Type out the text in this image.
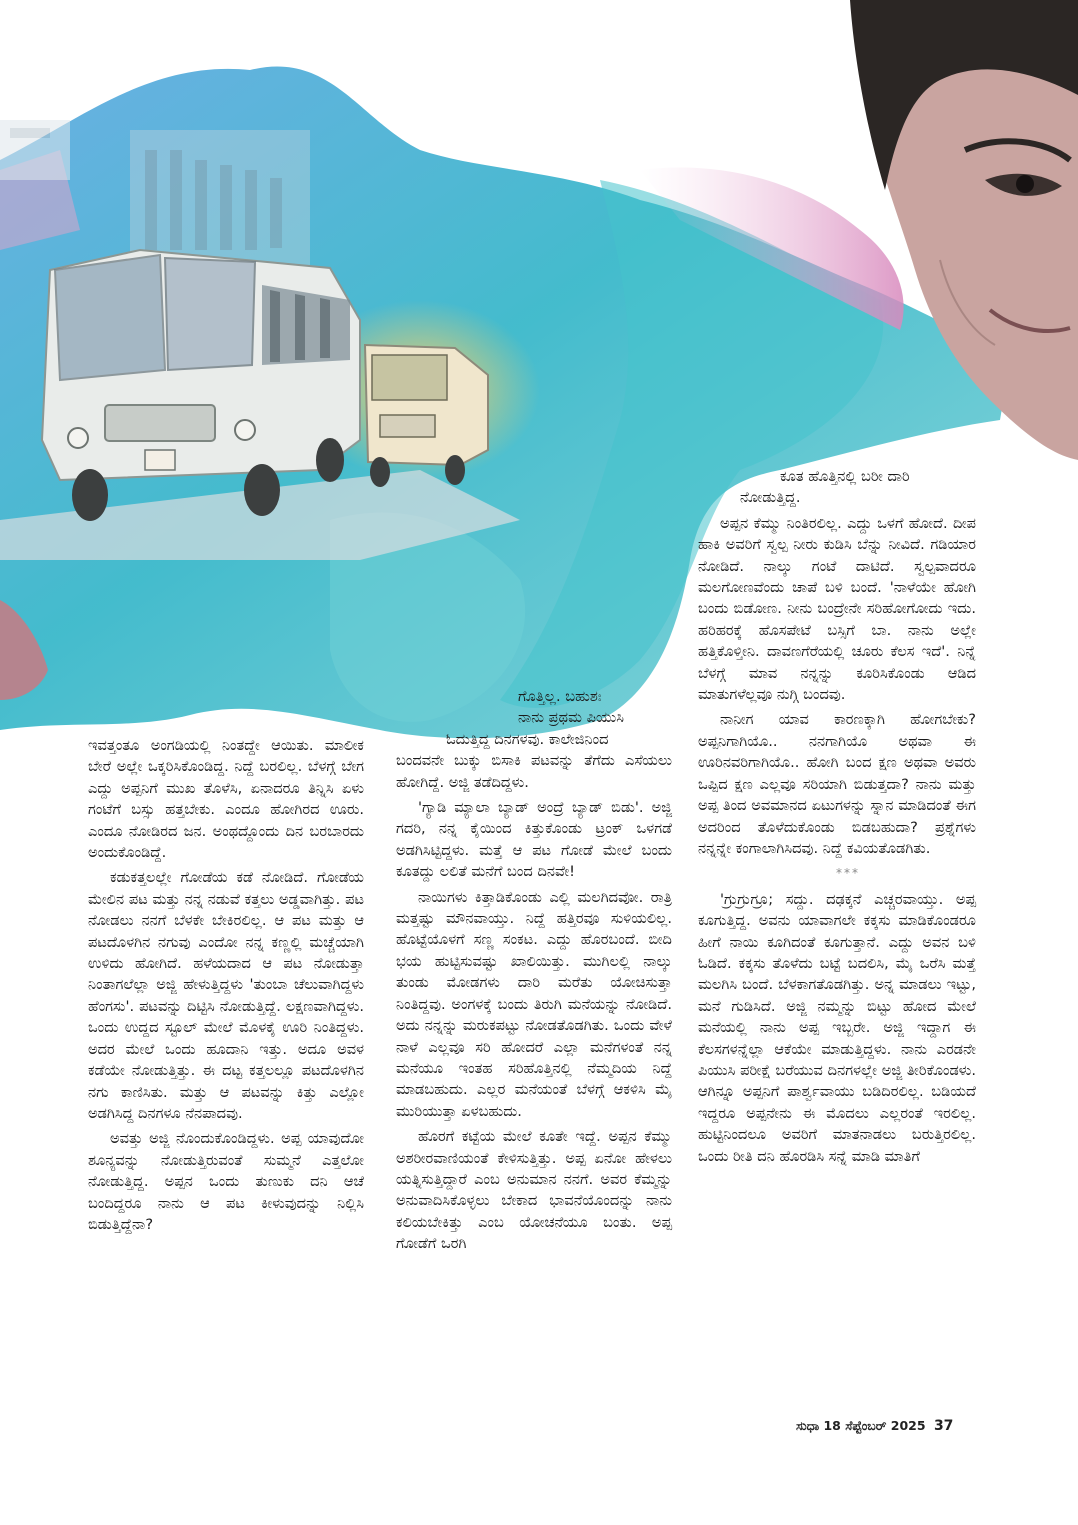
ಇವತ್ತಂತೂ ಅಂಗಡಿಯಲ್ಲಿ ನಿಂತದ್ದೇ ಆಯಿತು. ಮಾಲೀಕ ಬೇರೆ ಅಲ್ಲೇ ಒಕ್ಕರಿಸಿಕೊಂಡಿದ್ದ. ನಿದ್ದೆ ಬರಲಿಲ್ಲ. ಬೆಳಗ್ಗೆ ಬೇಗ ಎದ್ದು ಅಪ್ಪನಿಗೆ ಮುಖ ತೊಳೆಸಿ, ಏನಾದರೂ ತಿನ್ನಿಸಿ ಏಳು ಗಂಟೆಗೆ ಬಸ್ಸು ಹತ್ತಬೇಕು. ಎಂದೂ ಹೋಗಿರದ ಊರು. ಎಂದೂ ನೋಡಿರದ ಜನ. ಅಂಥದ್ದೊಂದು ದಿನ ಬರಬಾರದು ಅಂದುಕೊಂಡಿದ್ದೆ.

ಕಡುಕತ್ತಲಲ್ಲೇ ಗೋಡೆಯ ಕಡೆ ನೋಡಿದೆ. ಗೋಡೆಯ ಮೇಲಿನ ಪಟ ಮತ್ತು ನನ್ನ ನಡುವೆ ಕತ್ತಲು ಅಡ್ಡವಾಗಿತ್ತು. ಪಟ ನೋಡಲು ನನಗೆ ಬೆಳಕೇ ಬೇಕಿರಲಿಲ್ಲ. ಆ ಪಟ ಮತ್ತು ಆ ಪಟದೊಳಗಿನ ನಗುವು ಎಂದೋ ನನ್ನ ಕಣ್ಣಲ್ಲಿ ಮಚ್ಚೆಯಾಗಿ ಉಳಿದು ಹೋಗಿದೆ. ಹಳೆಯದಾದ ಆ ಪಟ ನೋಡುತ್ತಾ ನಿಂತಾಗಲೆಲ್ಲಾ ಅಜ್ಜಿ ಹೇಳುತ್ತಿದ್ದಳು 'ತುಂಬಾ ಚೆಲುವಾಗಿದ್ದಳು ಹೆಂಗಸು'. ಪಟವನ್ನು ದಿಟ್ಟಿಸಿ ನೋಡುತ್ತಿದ್ದೆ. ಲಕ್ಷಣವಾಗಿದ್ದಳು. ಒಂದು ಉದ್ದದ ಸ್ಟೂಲ್ ಮೇಲೆ ಮೊಳಕೈ ಊರಿ ನಿಂತಿದ್ದಳು. ಅದರ ಮೇಲೆ ಒಂದು ಹೂದಾನಿ ಇತ್ತು. ಅದೂ ಅವಳ ಕಡೆಯೇ ನೋಡುತ್ತಿತ್ತು. ಈ ದಟ್ಟ ಕತ್ತಲಲ್ಲೂ ಪಟದೊಳಗಿನ ನಗು ಕಾಣಿಸಿತು. ಮತ್ತು ಆ ಪಟವನ್ನು ಕಿತ್ತು ಎಲ್ಲೋ ಅಡಗಿಸಿದ್ದ ದಿನಗಳೂ ನೆನಪಾದವು.

ಅವತ್ತು ಅಜ್ಜಿ ನೊಂದುಕೊಂಡಿದ್ದಳು. ಅಪ್ಪ ಯಾವುದೋ ಶೂನ್ಯವನ್ನು ನೋಡುತ್ತಿರುವಂತೆ ಸುಮ್ಮನೆ ಎತ್ತಲೋ ನೋಡುತ್ತಿದ್ದ. ಅಪ್ಪನ ಒಂದು ತುಣುಕು ದನಿ ಆಚೆ ಬಂದಿದ್ದರೂ ನಾನು ಆ ಪಟ ಕೀಳುವುದನ್ನು ನಿಲ್ಲಿಸಿ ಬಿಡುತ್ತಿದ್ದೆನಾ?

ಗೊತ್ತಿಲ್ಲ. ಬಹುಶಃ

ನಾನು ಪ್ರಥಮ ಪಿಯುಸಿ

ಓದುತ್ತಿದ್ದ ದಿನಗಳವು. ಕಾಲೇಜಿನಿಂದ

ಬಂದವನೇ ಬುಕ್ಕು ಬಿಸಾಕಿ ಪಟವನ್ನು ತೆಗೆದು ಎಸೆಯಲು ಹೋಗಿದ್ದೆ. ಅಜ್ಜಿ ತಡೆದಿದ್ದಳು.

'ಗ್ಯಾಡಿ ಮ್ಯಾಲಾ ಬ್ಯಾಡ್ ಅಂದ್ರೆ ಬ್ಯಾಡ್ ಬಿಡು'. ಅಜ್ಜಿ ಗದರಿ, ನನ್ನ ಕೈಯಿಂದ ಕಿತ್ತುಕೊಂಡು ಟ್ರಂಕ್ ಒಳಗಡೆ ಅಡಗಿಸಿಟ್ಟಿದ್ದಳು. ಮತ್ತೆ ಆ ಪಟ ಗೋಡೆ ಮೇಲೆ ಬಂದು ಕೂತದ್ದು ಲಲಿತೆ ಮನೆಗೆ ಬಂದ ದಿನವೇ!

ನಾಯಿಗಳು ಕಿತ್ತಾಡಿಕೊಂಡು ಎಲ್ಲಿ ಮಲಗಿದವೋ. ರಾತ್ರಿ ಮತ್ತಷ್ಟು ಮೌನವಾಯ್ತು. ನಿದ್ದೆ ಹತ್ತಿರವೂ ಸುಳಿಯಲಿಲ್ಲ. ಹೊಟ್ಟೆಯೊಳಗೆ ಸಣ್ಣ ಸಂಕಟ. ಎದ್ದು ಹೊರಬಂದೆ. ಬೀದಿ ಭಯ ಹುಟ್ಟಿಸುವಷ್ಟು ಖಾಲಿಯಿತ್ತು. ಮುಗಿಲಲ್ಲಿ ನಾಲ್ಕು ತುಂಡು ಮೋಡಗಳು ದಾರಿ ಮರೆತು ಯೋಚಿಸುತ್ತಾ ನಿಂತಿದ್ದವು. ಅಂಗಳಕ್ಕೆ ಬಂದು ತಿರುಗಿ ಮನೆಯನ್ನು ನೋಡಿದೆ. ಅದು ನನ್ನನ್ನು ಮರುಕಪಟ್ಟು ನೋಡತೊಡಗಿತು. ಒಂದು ವೇಳೆ ನಾಳೆ ಎಲ್ಲವೂ ಸರಿ ಹೋದರೆ ಎಲ್ಲಾ ಮನೆಗಳಂತೆ ನನ್ನ ಮನೆಯೂ ಇಂತಹ ಸರಿಹೊತ್ತಿನಲ್ಲಿ ನೆಮ್ಮದಿಯ ನಿದ್ದೆ ಮಾಡಬಹುದು. ಎಲ್ಲರ ಮನೆಯಂತೆ ಬೆಳಗ್ಗೆ ಆಕಳಿಸಿ ಮೈ ಮುರಿಯುತ್ತಾ ಏಳಬಹುದು.

ಹೊರಗೆ ಕಟ್ಟೆಯ ಮೇಲೆ ಕೂತೇ ಇದ್ದೆ. ಅಪ್ಪನ ಕೆಮ್ಮು ಅಶರೀರವಾಣಿಯಂತೆ ಕೇಳಿಸುತ್ತಿತ್ತು. ಅಪ್ಪ ಏನೋ ಹೇಳಲು ಯತ್ನಿಸುತ್ತಿದ್ದಾರೆ ಎಂಬ ಅನುಮಾನ ನನಗೆ. ಅವರ ಕೆಮ್ಮನ್ನು ಅನುವಾದಿಸಿಕೊಳ್ಳಲು ಬೇಕಾದ ಭಾವನೆಯೊಂದನ್ನು ನಾನು ಕಲಿಯಬೇಕಿತ್ತು ಎಂಬ ಯೋಚನೆಯೂ ಬಂತು. ಅಪ್ಪ ಗೋಡೆಗೆ ಒರಗಿ

ಕೂತ ಹೊತ್ತಿನಲ್ಲಿ ಬರೀ ದಾರಿ

ನೋಡುತ್ತಿದ್ದ.

ಅಪ್ಪನ ಕೆಮ್ಮು ನಿಂತಿರಲಿಲ್ಲ. ಎದ್ದು ಒಳಗೆ ಹೋದೆ. ದೀಪ ಹಾಕಿ ಅವರಿಗೆ ಸ್ವಲ್ಪ ನೀರು ಕುಡಿಸಿ ಬೆನ್ನು ನೀವಿದೆ. ಗಡಿಯಾರ ನೋಡಿದೆ. ನಾಲ್ಕು ಗಂಟೆ ದಾಟಿದೆ. ಸ್ವಲ್ಪವಾದರೂ ಮಲಗೋಣವೆಂದು ಚಾಪೆ ಬಳಿ ಬಂದೆ. 'ನಾಳೆಯೇ ಹೋಗಿ ಬಂದು ಬಿಡೋಣ. ನೀನು ಬಂದ್ರೇನೇ ಸರಿಹೋಗೋದು ಇದು. ಹರಿಹರಕ್ಕೆ ಹೊಸಪೇಟೆ ಬಸ್ಸಿಗೆ ಬಾ. ನಾನು ಅಲ್ಲೇ ಹತ್ತಿಕೊಳ್ತೀನಿ. ದಾವಣಗೆರೆಯಲ್ಲಿ ಚೂರು ಕೆಲಸ ಇದೆ'. ನಿನ್ನೆ ಬೆಳಗ್ಗೆ ಮಾವ ನನ್ನನ್ನು ಕೂರಿಸಿಕೊಂಡು ಆಡಿದ ಮಾತುಗಳೆಲ್ಲವೂ ನುಗ್ಗಿ ಬಂದವು.

ನಾನೀಗ ಯಾವ ಕಾರಣಕ್ಕಾಗಿ ಹೋಗಬೇಕು? ಅಪ್ಪನಿಗಾಗಿಯೊ.. ನನಗಾಗಿಯೊ ಅಥವಾ ಈ ಊರಿನವರಿಗಾಗಿಯೊ.. ಹೋಗಿ ಬಂದ ಕ್ಷಣ ಅಥವಾ ಅವರು ಒಪ್ಪಿದ ಕ್ಷಣ ಎಲ್ಲವೂ ಸರಿಯಾಗಿ ಬಿಡುತ್ತದಾ? ನಾನು ಮತ್ತು ಅಪ್ಪ ತಿಂದ ಅವಮಾನದ ಏಟುಗಳನ್ನು ಸ್ನಾನ ಮಾಡಿದಂತೆ ಈಗ ಅದರಿಂದ ತೊಳೆದುಕೊಂಡು ಬಿಡಬಹುದಾ? ಪ್ರಶ್ನೆಗಳು ನನ್ನನ್ನೇ ಕಂಗಾಲಾಗಿಸಿದವು. ನಿದ್ದೆ ಕವಿಯತೊಡಗಿತು.

***

'ಗ್ರುಗ್ರುಗ್ರೂ; ಸದ್ದು. ದಢಕ್ಕನೆ ಎಚ್ಚರವಾಯ್ತು. ಅಪ್ಪ ಕೂಗುತ್ತಿದ್ದ. ಅವನು ಯಾವಾಗಲೇ ಕಕ್ಕಸು ಮಾಡಿಕೊಂಡರೂ ಹೀಗೆ ನಾಯಿ ಕೂಗಿದಂತೆ ಕೂಗುತ್ತಾನೆ. ಎದ್ದು ಅವನ ಬಳಿ ಓಡಿದೆ. ಕಕ್ಕಸು ತೊಳೆದು ಬಟ್ಟೆ ಬದಲಿಸಿ, ಮೈ ಒರೆಸಿ ಮತ್ತೆ ಮಲಗಿಸಿ ಬಂದೆ. ಬೆಳಕಾಗತೊಡಗಿತ್ತು. ಅನ್ನ ಮಾಡಲು ಇಟ್ಟು, ಮನೆ ಗುಡಿಸಿದೆ. ಅಜ್ಜಿ ನಮ್ಮನ್ನು ಬಿಟ್ಟು ಹೋದ ಮೇಲೆ ಮನೆಯಲ್ಲಿ ನಾನು ಅಪ್ಪ ಇಬ್ಬರೇ. ಅಜ್ಜಿ ಇದ್ದಾಗ ಈ ಕೆಲಸಗಳನ್ನೆಲ್ಲಾ ಆಕೆಯೇ ಮಾಡುತ್ತಿದ್ದಳು. ನಾನು ಎರಡನೇ ಪಿಯುಸಿ ಪರೀಕ್ಷೆ ಬರೆಯುವ ದಿನಗಳಲ್ಲೇ ಅಜ್ಜಿ ತೀರಿಕೊಂಡಳು. ಆಗಿನ್ನೂ ಅಪ್ಪನಿಗೆ ಪಾರ್ಶ್ವವಾಯು ಬಡಿದಿರಲಿಲ್ಲ. ಬಡಿಯದೆ ಇದ್ದರೂ ಅಪ್ಪನೇನು ಈ ಮೊದಲು ಎಲ್ಲರಂತೆ ಇರಲಿಲ್ಲ. ಹುಟ್ಟಿನಿಂದಲೂ ಅವರಿಗೆ ಮಾತನಾಡಲು ಬರುತ್ತಿರಲಿಲ್ಲ. ಒಂದು ರೀತಿ ದನಿ ಹೊರಡಿಸಿ ಸನ್ನೆ ಮಾಡಿ ಮಾತಿಗೆ

ಸುಧಾ 18 ಸೆಪ್ಟೆಂಬರ್ 2025 37
